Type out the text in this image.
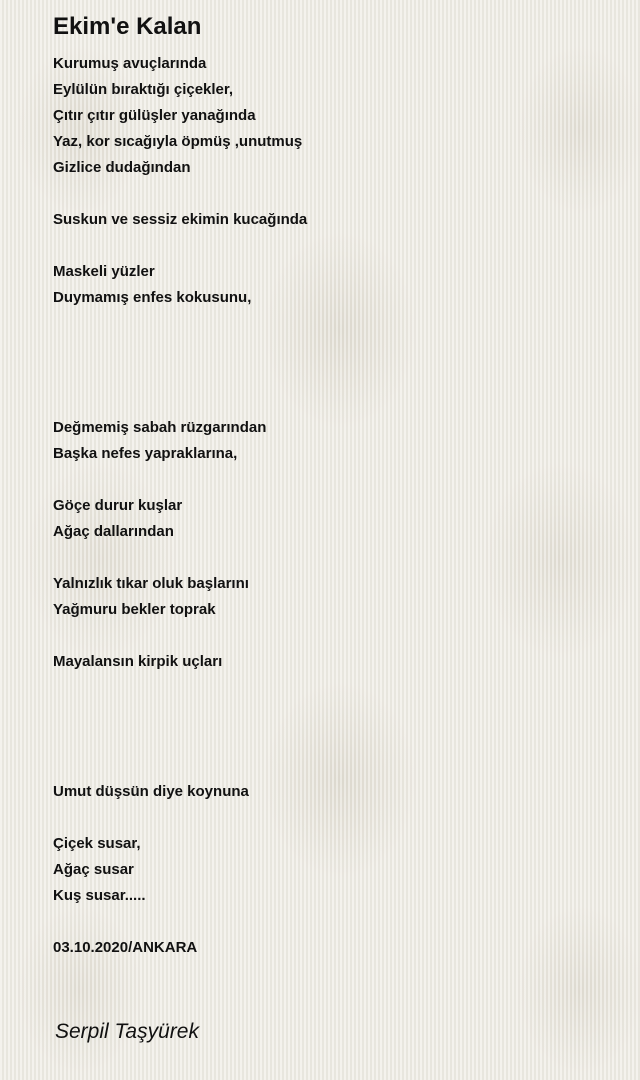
Ekim'e Kalan
Kurumuş avuçlarında
Eylülün bıraktığı çiçekler,
Çıtır çıtır gülüşler yanağında
Yaz, kor sıcağıyla öpmüş ,unutmuş
Gizlice dudağından
Suskun ve sessiz ekimin kucağında
Maskeli yüzler
Duymamış enfes kokusunu,
Değmemiş sabah rüzgarından
Başka nefes yapraklarına,
Göçe durur kuşlar
Ağaç dallarından
Yalnızlık tıkar oluk başlarını
Yağmuru bekler toprak
Mayalansın kirpik uçları
Umut düşsün diye koynuna
Çiçek susar,
Ağaç susar
Kuş susar.....
03.10.2020/ANKARA

Serpil Taşyürek
